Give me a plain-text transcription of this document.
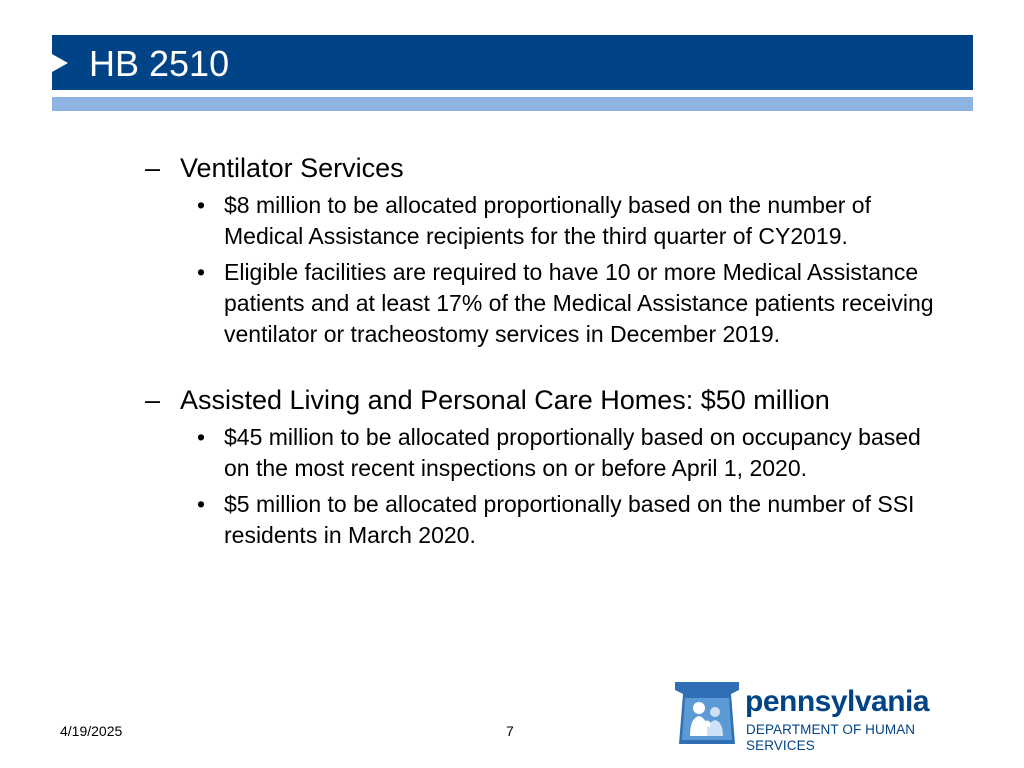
HB 2510
– Ventilator Services
• $8 million to be allocated proportionally based on the number of Medical Assistance recipients for the third quarter of CY2019.
• Eligible facilities are required to have 10 or more Medical Assistance patients and at least 17% of the Medical Assistance patients receiving ventilator or tracheostomy services in December 2019.
– Assisted Living and Personal Care Homes: $50 million
• $45 million to be allocated proportionally based on occupancy based on the most recent inspections on or before April 1, 2020.
• $5 million to be allocated proportionally based on the number of SSI residents in March 2020.
4/19/2025	7
pennsylvania
DEPARTMENT OF HUMAN SERVICES
